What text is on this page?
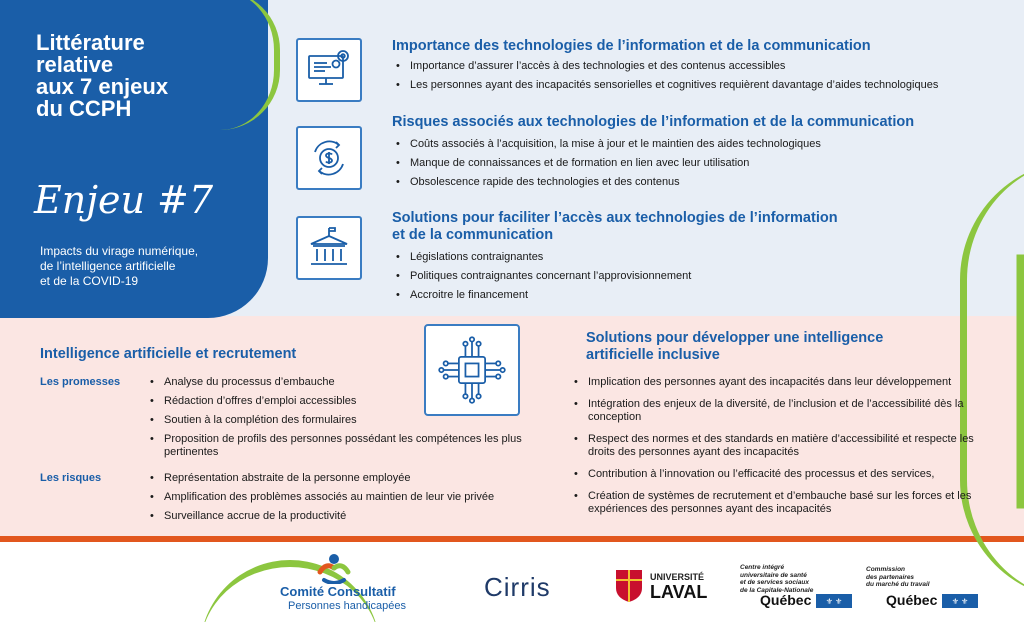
Littérature
relative
aux 7 enjeux
du CCPH
Enjeu #7
Impacts du virage numérique,
de l’intelligence artificielle
et de la COVID-19
Importance des technologies de l’information et de la communication
• Importance d’assurer l’accès à des technologies et des contenus accessibles
• Les personnes ayant des incapacités sensorielles et cognitives requièrent davantage d’aides technologiques
Risques associés aux technologies de l’information et de la communication
• Coûts associés à l’acquisition, la mise à jour et le maintien des aides technologiques
• Manque de connaissances et de formation en lien avec leur utilisation
• Obsolescence rapide des technologies et des contenus
Solutions pour faciliter l’accès aux technologies de l’information
et de la communication
• Législations contraignantes
• Politiques contraignantes concernant l’approvisionnement
• Accroitre le financement
Intelligence artificielle et recrutement
Les promesses	• Analyse du processus d’embauche
• Rédaction d’offres d’emploi accessibles
• Soutien à la complétion des formulaires
• Proposition de profils des personnes possédant les compétences les plus pertinentes
Les risques	• Représentation abstraite de la personne employée
• Amplification des problèmes associés au maintien de leur vie privée
• Surveillance accrue de la productivité
Solutions pour développer une intelligence
artificielle inclusive
• Implication des personnes ayant des incapacités dans leur développement
• Intégration des enjeux de la diversité, de l’inclusion et de l’accessibilité dès la conception
• Respect des normes et des standards en matière d’accessibilité et respecte les droits des personnes ayant des incapacités
• Contribution à l’innovation ou l’efficacité des processus et des services,
• Création de systèmes de recrutement et d’embauche basé sur les forces et les expériences des personnes ayant des incapacités
Comité Consultatif
Personnes handicapées
Cirris	UNIVERSITÉ
LAVAL
Centre intégré
universitaire de santé
et de services sociaux
de la Capitale-Nationale
Québec	⚜ ⚜
Commission
des partenaires
du marché du travail
Québec	⚜ ⚜
